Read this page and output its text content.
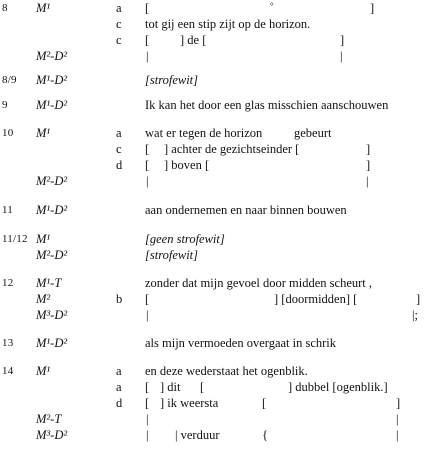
8 M¹	a [	°	]
c tot gij een stip zijt op de horizon.
c [ ] de [	]
M²-D²	|	|
8/9 M¹-D²	[strofewit]
9 M¹-D²	Ik kan het door een glas misschien aanschouwen
10 M¹	a wat er tegen de horizon	gebeurt
c [ ] achter de gezichtseinder [	]
d [ ] boven [	]
M²-D²	|	|
11 M¹-D²	aan ondernemen en naar binnen bouwen
11/12 M¹	[geen strofewit]
M²-D²	[strofewit]
12 M¹-T	zonder dat mijn gevoel door midden scheurt ,
M²	b [	] [doormidden] [	]
M³-D²	|	|;
13 M¹-D²	als mijn vermoeden overgaat in schrik
14 M¹	a en deze wederstaat het ogenblik.
a [ ] dit [	] dubbel [ogenblik.]
d [ ] ik weersta	[	]
M²-T	|	|
M³-D²	| | verduur	{	|
